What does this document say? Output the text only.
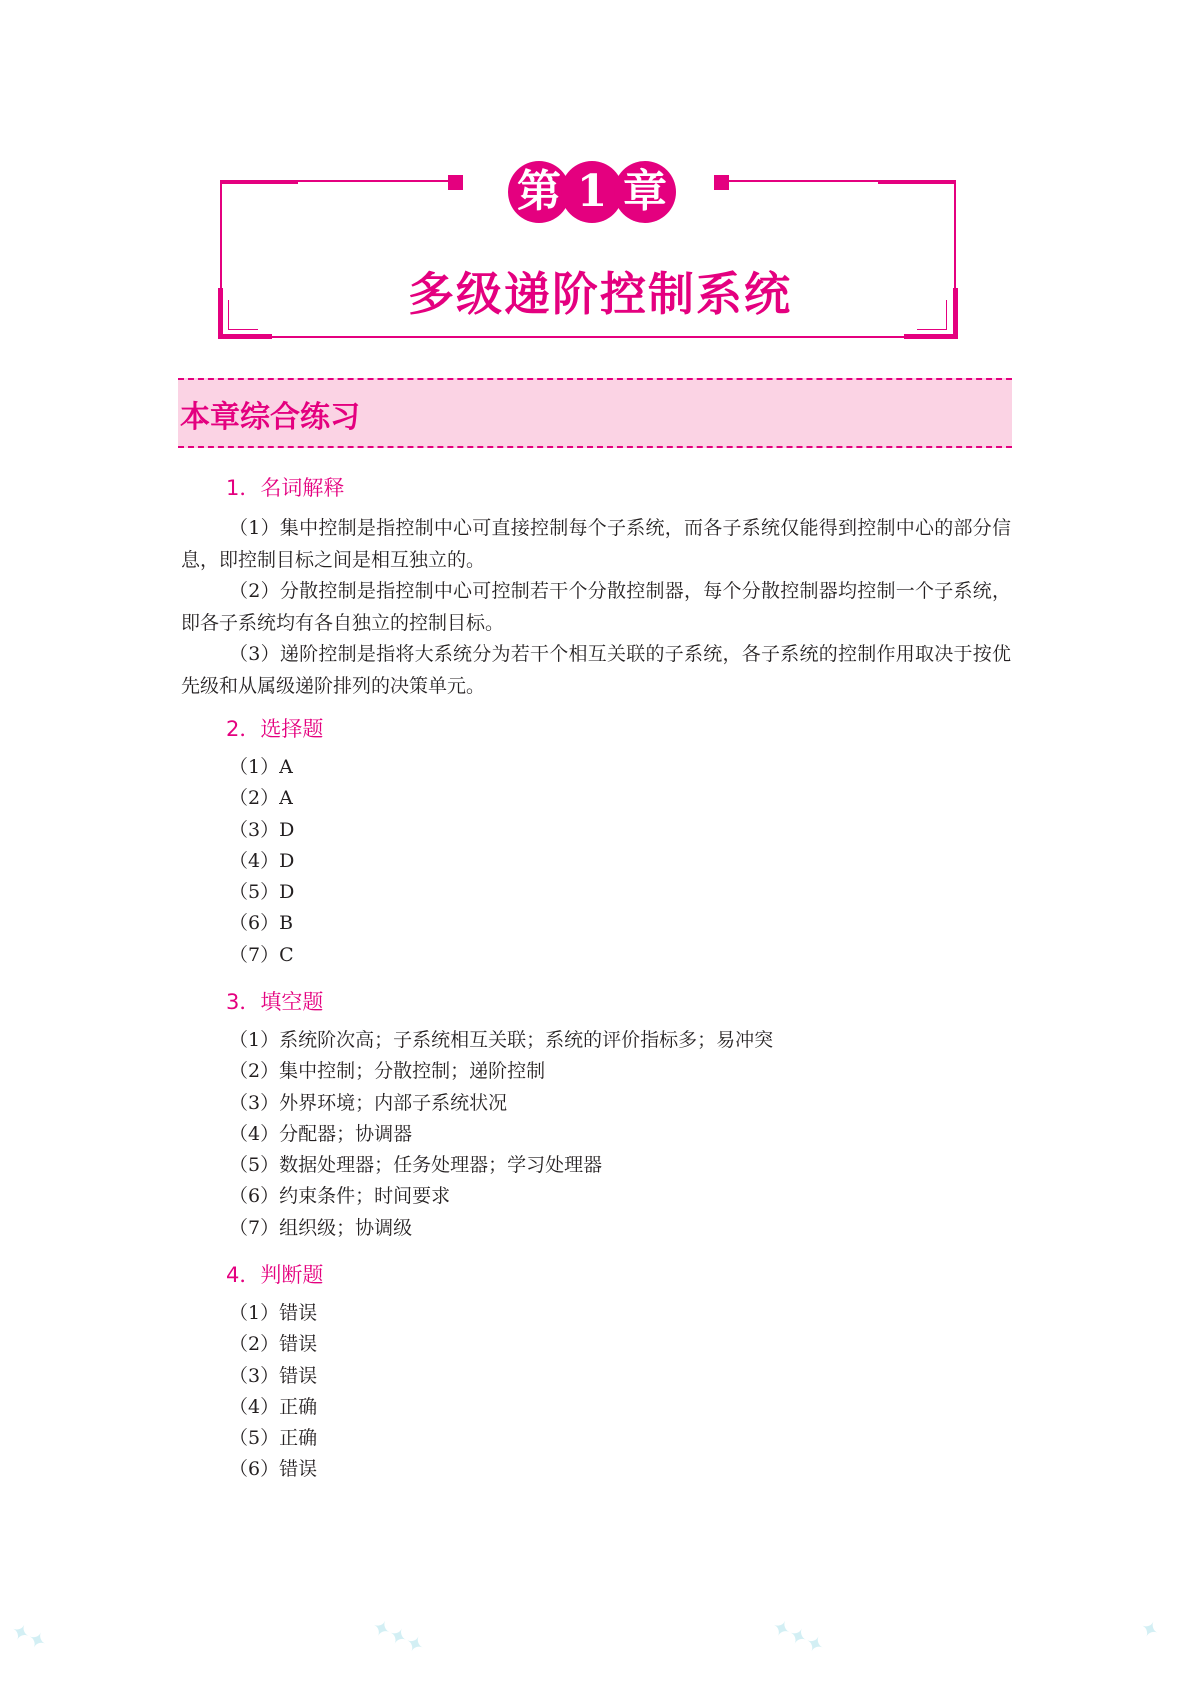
第 1 章
多级递阶控制系统
本章综合练习
1．名词解释
（1）集中控制是指控制中心可直接控制每个子系统，而各子系统仅能得到控制中心的部分信息，即控制目标之间是相互独立的。
（2）分散控制是指控制中心可控制若干个分散控制器，每个分散控制器均控制一个子系统，即各子系统均有各自独立的控制目标。
（3）递阶控制是指将大系统分为若干个相互关联的子系统，各子系统的控制作用取决于按优先级和从属级递阶排列的决策单元。
2．选择题
（1）A
（2）A
（3）D
（4）D
（5）D
（6）B
（7）C
3．填空题
（1）系统阶次高；子系统相互关联；系统的评价指标多；易冲突
（2）集中控制；分散控制；递阶控制
（3）外界环境；内部子系统状况
（4）分配器；协调器
（5）数据处理器；任务处理器；学习处理器
（6）约束条件；时间要求
（7）组织级；协调级
4．判断题
（1）错误
（2）错误
（3）错误
（4）正确
（5）正确
（6）错误
✦✦	✦✦✦	✦✦✦	✦
